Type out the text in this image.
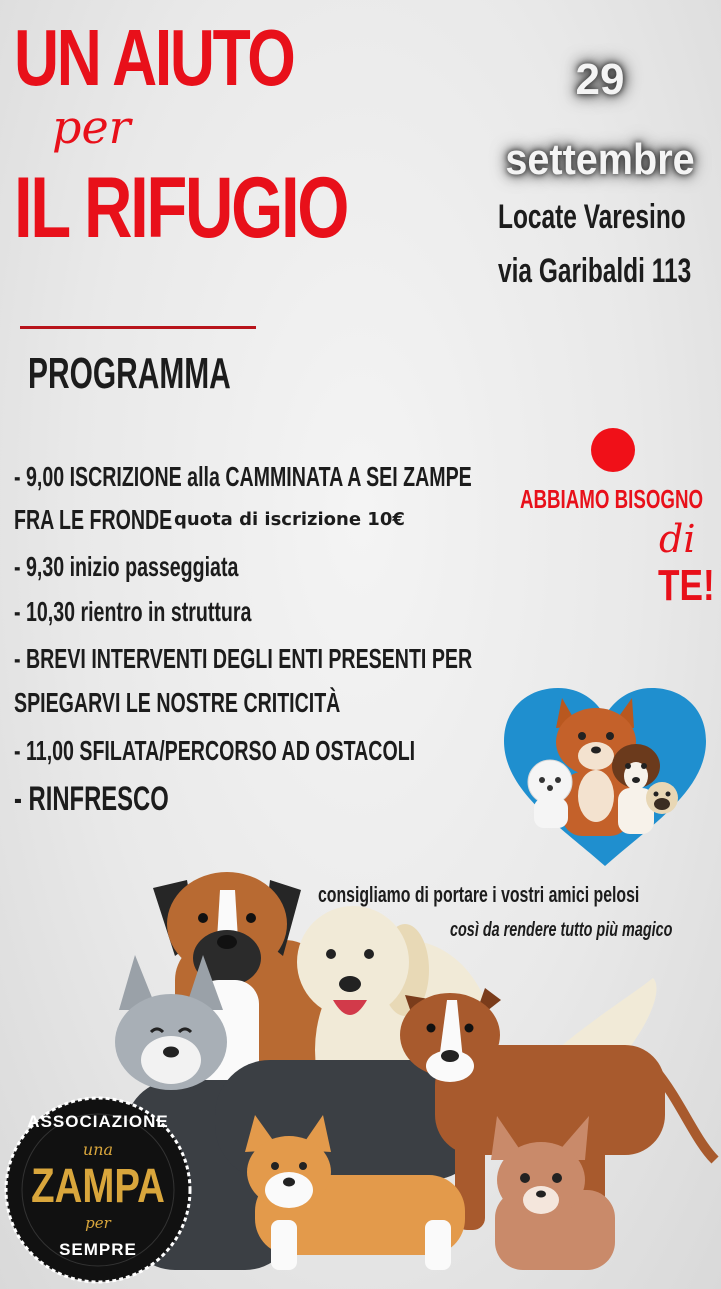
UN AIUTO
per
IL RIFUGIO
29
settembre
Locate Varesino
via Garibaldi 113
PROGRAMMA
- 9,00 ISCRIZIONE alla CAMMINATA A SEI ZAMPE
FRA LE FRONDE quota di iscrizione 10€
- 9,30 inizio passeggiata
- 10,30 rientro in struttura
- BREVI INTERVENTI DEGLI ENTI PRESENTI PER
SPIEGARVI LE NOSTRE CRITICITÀ
- 11,00 SFILATA/PERCORSO AD OSTACOLI
- RINFRESCO
ABBIAMO BISOGNO
di
TE!
consigliamo di portare i vostri amici pelosi
così da rendere tutto più magico
ASSOCIAZIONE
una
ZAMPA
per
SEMPRE
